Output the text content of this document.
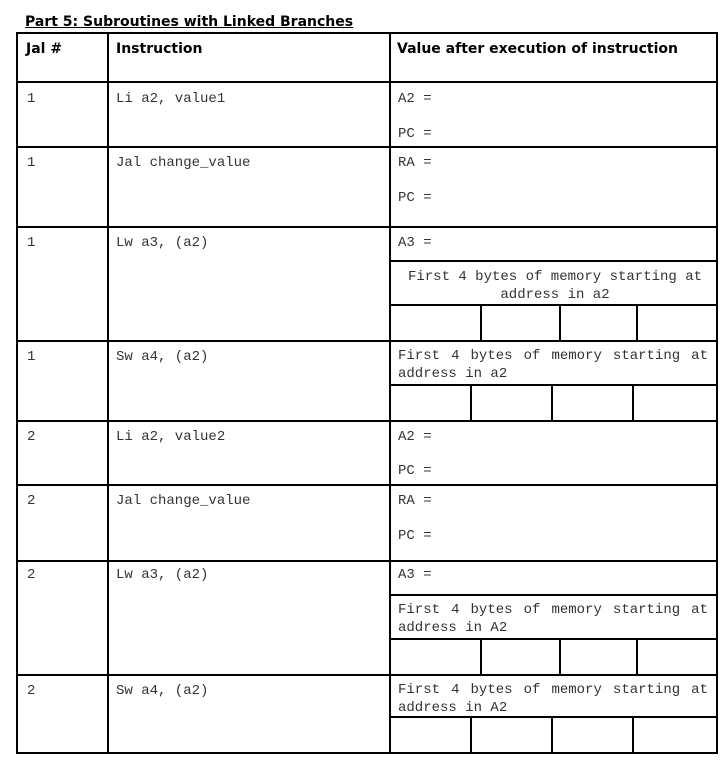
Part 5: Subroutines with Linked Branches
Jal #	Instruction	Value after execution of instruction
1	Li a2, value1	A2 =
PC =
1	Jal change_value	RA =
PC =
1	Lw a3, (a2)	A3 =
First 4 bytes of memory starting at address in a2
1	Sw a4, (a2)	First 4 bytes of memory starting at address in a2
2	Li a2, value2	A2 =
PC =
2	Jal change_value	RA =
PC =
2	Lw a3, (a2)	A3 =
First 4 bytes of memory starting at address in A2
2	Sw a4, (a2)	First 4 bytes of memory starting at address in A2
